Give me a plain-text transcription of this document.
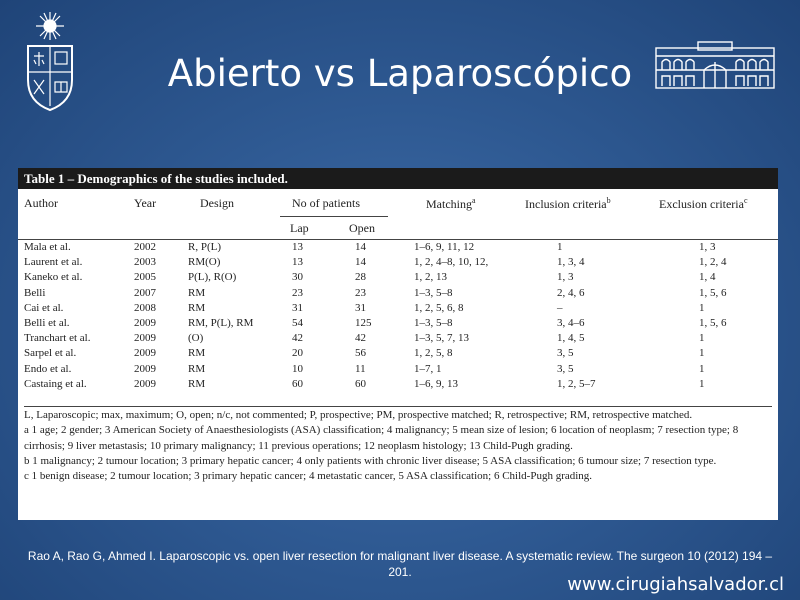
Abierto vs Laparoscópico
Table 1 – Demographics of the studies included.
Author	Year	Design	No of patients
Lap	Open
Matching$^a$	Inclusion criteria$^b$	Exclusion criteria$^c$
Mala et al.	2002	R, P(L)	13	14	1–6, 9, 11, 12	1	1, 3
Laurent et al.	2003	RM(O)	13	14	1, 2, 4–8, 10, 12,	1, 3, 4	1, 2, 4
Kaneko et al.	2005	P(L), R(O)	30	28	1, 2, 13	1, 3	1, 4
Belli	2007	RM	23	23	1–3, 5–8	2, 4, 6	1, 5, 6
Cai et al.	2008	RM	31	31	1, 2, 5, 6, 8	–	1
Belli et al.	2009	RM, P(L), RM	54	125	1–3, 5–8	3, 4–6	1, 5, 6
Tranchart et al.	2009	(O)	42	42	1–3, 5, 7, 13	1, 4, 5	1
Sarpel et al.	2009	RM	20	56	1, 2, 5, 8	3, 5	1
Endo et al.	2009	RM	10	11	1–7, 1	3, 5	1
Castaing et al.	2009	RM	60	60	1–6, 9, 13	1, 2, 5–7	1
L, Laparoscopic; max, maximum; O, open; n/c, not commented; P, prospective; PM, prospective matched; R, retrospective; RM, retrospective matched.
a 1 age; 2 gender; 3 American Society of Anaesthesiologists (ASA) classification; 4 malignancy; 5 mean size of lesion; 6 location of neoplasm; 7 resection type; 8 cirrhosis; 9 liver metastasis; 10 primary malignancy; 11 previous operations; 12 neoplasm histology; 13 Child-Pugh grading.
b 1 malignancy; 2 tumour location; 3 primary hepatic cancer; 4 only patients with chronic liver disease; 5 ASA classification; 6 tumour size; 7 resection type.
c 1 benign disease; 2 tumour location; 3 primary hepatic cancer; 4 metastatic cancer, 5 ASA classification; 6 Child-Pugh grading.
Rao A, Rao G, Ahmed I. Laparoscopic vs. open liver resection for malignant liver disease. A systematic review. The surgeon 10 (2012) 194 – 201.
www.cirugiahsalvador.cl
